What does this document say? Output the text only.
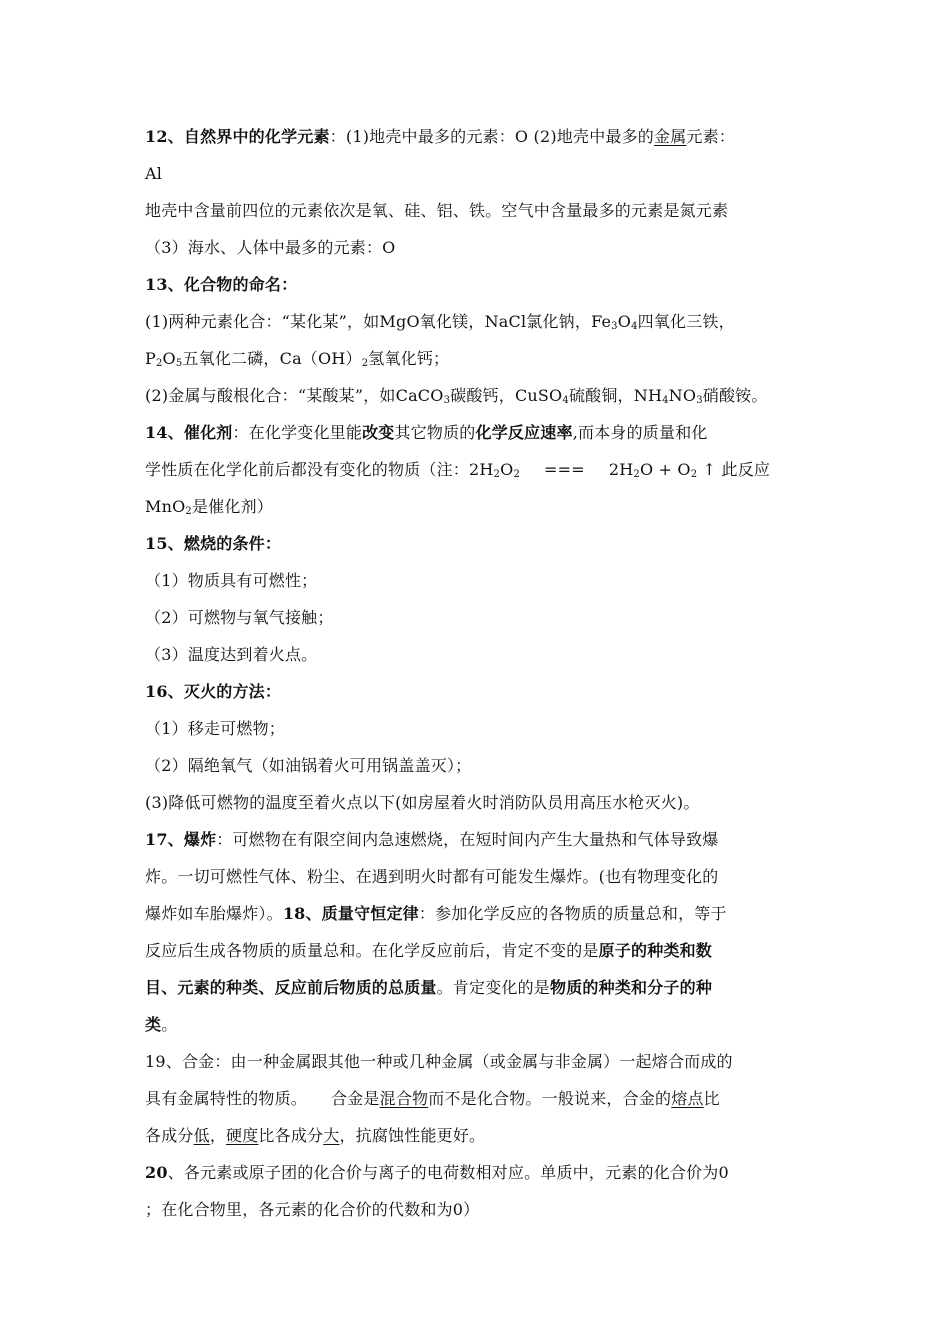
12、自然界中的化学元素：(1)地壳中最多的元素：O (2)地壳中最多的金属元素：
Al
地壳中含量前四位的元素依次是氧、硅、铝、铁。空气中含量最多的元素是氮元素
（3）海水、人体中最多的元素：O
13、化合物的命名：
(1)两种元素化合：“某化某”，如MgO氧化镁，NaCl氯化钠，$Fe_3O_4$四氧化三铁，
$P_2O_5$五氧化二磷，$Ca(OH)_2$氢氧化钙；
(2)金属与酸根化合：“某酸某”，如CaCO$_3$碳酸钙，CuSO$_4$硫酸铜，$NH_4NO_3$硝酸铵。
14、催化剂：在化学变化里能改变其它物质的化学反应速率,而本身的质量和化
学性质在化学化前后都没有变化的物质（注：$2H_2O_2$ === $2H_2O + O_2$ ↑ 此反应
MnO$_2$是催化剂）
15、燃烧的条件：
（1）物质具有可燃性；
（2）可燃物与氧气接触；
（3）温度达到着火点。
16、灭火的方法：
（1）移走可燃物；
（2）隔绝氧气（如油锅着火可用锅盖盖灭）；
(3)降低可燃物的温度至着火点以下(如房屋着火时消防队员用高压水枪灭火)。
17、爆炸：可燃物在有限空间内急速燃烧，在短时间内产生大量热和气体导致爆
炸。一切可燃性气体、粉尘、在遇到明火时都有可能发生爆炸。(也有物理变化的
爆炸如车胎爆炸）。18、质量守恒定律：参加化学反应的各物质的质量总和，等于
反应后生成各物质的质量总和。在化学反应前后，肯定不变的是原子的种类和数
目、元素的种类、反应前后物质的总质量。肯定变化的是物质的种类和分子的种
类。
19、合金：由一种金属跟其他一种或几种金属（或金属与非金属）一起熔合而成的
具有金属特性的物质。 合金是混合物而不是化合物。一般说来，合金的熔点比
各成分低，硬度比各成分大，抗腐蚀性能更好。
20、各元素或原子团的化合价与离子的电荷数相对应。单质中，元素的化合价为0
；在化合物里，各元素的化合价的代数和为0）
